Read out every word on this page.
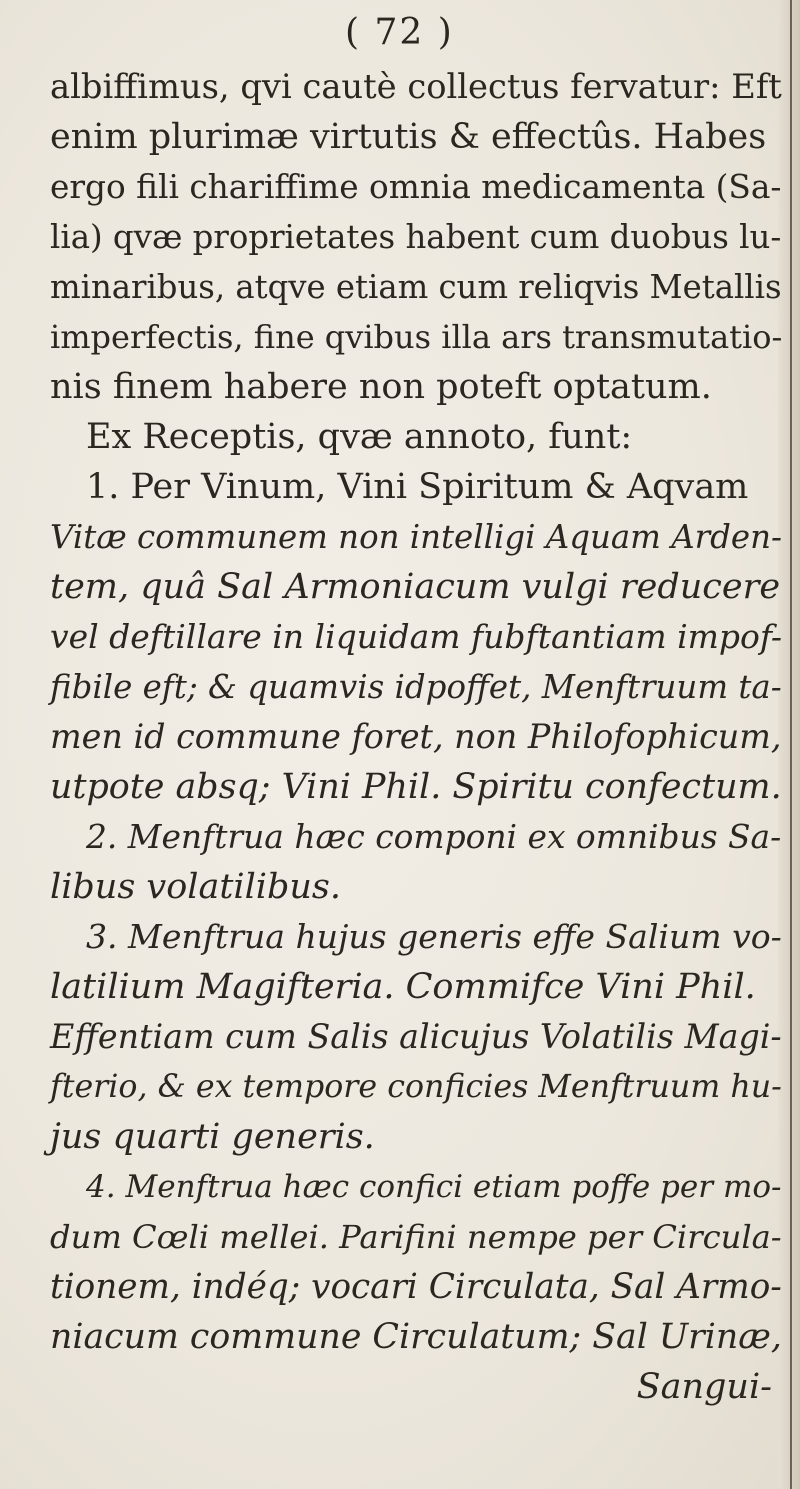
( 72 )
albiffimus, qvi cautè collectus fervatur: Eft
enim plurimæ virtutis & effectûs. Habes
ergo fili chariffime omnia medicamenta (Sa-
lia) qvæ proprietates habent cum duobus lu-
minaribus, atqve etiam cum reliqvis Metallis
imperfectis, fine qvibus illa ars transmutatio-
nis finem habere non poteft optatum.
Ex Receptis, qvæ annoto, funt:
1. Per Vinum, Vini Spiritum & Aqvam
Vitæ communem non intelligi Aquam Arden-
tem, quâ Sal Armoniacum vulgi reducere
vel deftillare in liquidam fubftantiam impof-
fibile eft; & quamvis idpoffet, Menftruum ta-
men id commune foret, non Philofophicum,
utpote absq; Vini Phil. Spiritu confectum.
2. Menftrua hæc componi ex omnibus Sa-
libus volatilibus.
3. Menftrua hujus generis effe Salium vo-
latilium Magifteria. Commifce Vini Phil.
Effentiam cum Salis alicujus Volatilis Magi-
fterio, & ex tempore conficies Menftruum hu-
jus quarti generis.
4. Menftrua hæc confici etiam poffe per mo-
dum Cœli mellei. Parifini nempe per Circula-
tionem, indéq; vocari Circulata, Sal Armo-
niacum commune Circulatum; Sal Urinæ,
Sangui-
